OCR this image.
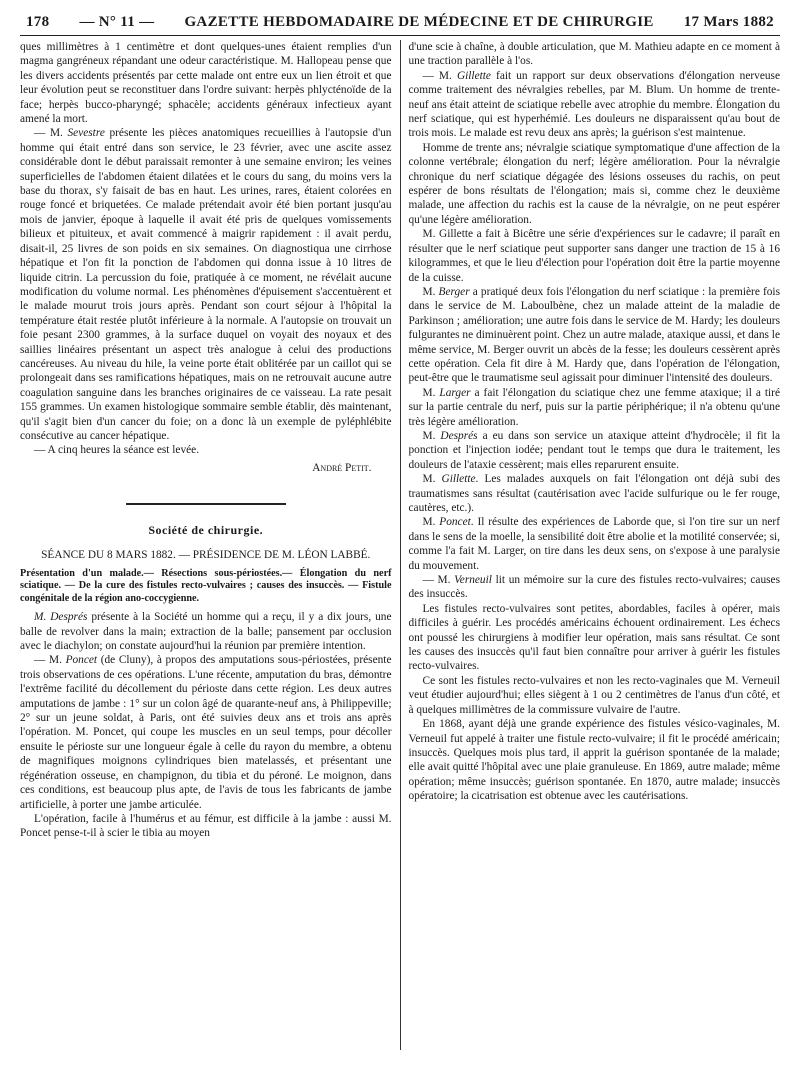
178 — N° 11 — GAZETTE HEBDOMADAIRE DE MÉDECINE ET DE CHIRURGIE 17 Mars 1882

ques millimètres à 1 centimètre et dont quelques-unes étaient remplies d'un magma gangréneux répandant une odeur caractéristique. M. Hallopeau pense que les divers accidents présentés par cette malade ont entre eux un lien étroit et que leur évolution peut se reconstituer dans l'ordre suivant: herpès phlycténoïde de la face; herpès bucco-pharyngé; sphacèle; accidents généraux infectieux ayant amené la mort.

— M. Sevestre présente les pièces anatomiques recueillies à l'autopsie d'un homme qui était entré dans son service, le 23 février, avec une ascite assez considérable dont le début paraissait remonter à une semaine environ; les veines superficielles de l'abdomen étaient dilatées et le cours du sang, du moins vers la base du thorax, s'y faisait de bas en haut. Les urines, rares, étaient colorées en rouge foncé et briquetées. Ce malade prétendait avoir été bien portant jusqu'au mois de janvier, époque à laquelle il avait été pris de quelques vomissements bilieux et pituiteux, et avait commencé à maigrir rapidement : il avait perdu, disait-il, 25 livres de son poids en six semaines. On diagnostiqua une cirrhose hépatique et l'on fit la ponction de l'abdomen qui donna issue à 10 litres de liquide citrin. La percussion du foie, pratiquée à ce moment, ne révélait aucune modification du volume normal. Les phénomènes d'épuisement s'accentuèrent et le malade mourut trois jours après. Pendant son court séjour à l'hôpital la température était restée plutôt inférieure à la normale. A l'autopsie on trouvait un foie pesant 2300 grammes, à la surface duquel on voyait des noyaux et des saillies linéaires présentant un aspect très analogue à celui des productions cancéreuses. Au niveau du hile, la veine porte était oblitérée par un caillot qui se prolongeait dans ses ramifications hépatiques, mais on ne retrouvait aucune autre coagulation sanguine dans les branches originaires de ce vaisseau. La rate pesait 155 grammes. Un examen histologique sommaire semble établir, dès maintenant, qu'il s'agit bien d'un cancer du foie; on a donc là un exemple de pyléphlébite consécutive au cancer hépatique.

— A cinq heures la séance est levée.

André Petit.
Société de chirurgie.
SÉANCE DU 8 MARS 1882. — PRÉSIDENCE DE M. LÉON LABBÉ.

Présentation d'un malade.— Résections sous-périostées.— Élongation du nerf sciatique. — De la cure des fistules recto-vulvaires ; causes des insuccès. — Fistule congénitale de la région ano-coccygienne.

M. Després présente à la Société un homme qui a reçu, il y a dix jours, une balle de revolver dans la main; extraction de la balle; pansement par occlusion avec le diachylon; on constate aujourd'hui la réunion par première intention.

— M. Poncet (de Cluny), à propos des amputations sous-périostées, présente trois observations de ces opérations. L'une récente, amputation du bras, démontre l'extrême facilité du décollement du périoste dans cette région. Les deux autres amputations de jambe : 1° sur un colon âgé de quarante-neuf ans, à Philippeville; 2° sur un jeune soldat, à Paris, ont été suivies deux ans et trois ans après l'opération. M. Poncet, qui coupe les muscles en un seul temps, pour décoller ensuite le périoste sur une longueur égale à celle du rayon du membre, a obtenu de magnifiques moignons cylindriques bien matelassés, et présentant une régénération osseuse, en champignon, du tibia et du péroné. Le moignon, dans ces conditions, est beaucoup plus apte, de l'avis de tous les fabricants de jambe artificielle, à porter une jambe articulée.

L'opération, facile à l'humérus et au fémur, est difficile à la jambe : aussi M. Poncet pense-t-il à scier le tibia au moyen

d'une scie à chaîne, à double articulation, que M. Mathieu adapte en ce moment à une traction parallèle à l'os.

— M. Gillette fait un rapport sur deux observations d'élongation nerveuse comme traitement des névralgies rebelles, par M. Blum. Un homme de trente-neuf ans était atteint de sciatique rebelle avec atrophie du membre. Élongation du nerf sciatique, qui est hyperhémié. Les douleurs ne disparaissent qu'au bout de trois mois. Le malade est revu deux ans après; la guérison s'est maintenue.

Homme de trente ans; névralgie sciatique symptomatique d'une affection de la colonne vertébrale; élongation du nerf; légère amélioration. Pour la névralgie chronique du nerf sciatique dégagée des lésions osseuses du rachis, on peut espérer de bons résultats de l'élongation; mais si, comme chez le deuxième malade, une affection du rachis est la cause de la névralgie, on ne peut espérer qu'une légère amélioration.

M. Gillette a fait à Bicêtre une série d'expériences sur le cadavre; il paraît en résulter que le nerf sciatique peut supporter sans danger une traction de 15 à 16 kilogrammes, et que le lieu d'élection pour l'opération doit être la partie moyenne de la cuisse.

M. Berger a pratiqué deux fois l'élongation du nerf sciatique : la première fois dans le service de M. Laboulbène, chez un malade atteint de la maladie de Parkinson ; amélioration; une autre fois dans le service de M. Hardy; les douleurs fulgurantes ne diminuèrent point. Chez un autre malade, ataxique aussi, et dans le même service, M. Berger ouvrit un abcès de la fesse; les douleurs cessèrent après cette opération. Cela fit dire à M. Hardy que, dans l'opération de l'élongation, peut-être que le traumatisme seul agissait pour diminuer l'intensité des douleurs.

M. Larger a fait l'élongation du sciatique chez une femme ataxique; il a tiré sur la partie centrale du nerf, puis sur la partie périphérique; il n'a obtenu qu'une très légère amélioration.

M. Després a eu dans son service un ataxique atteint d'hydrocèle; il fit la ponction et l'injection iodée; pendant tout le temps que dura le traitement, les douleurs de l'ataxie cessèrent; mais elles reparurent ensuite.

M. Gillette. Les malades auxquels on fait l'élongation ont déjà subi des traumatismes sans résultat (cautérisation avec l'acide sulfurique ou le fer rouge, cautères, etc.).

M. Poncet. Il résulte des expériences de Laborde que, si l'on tire sur un nerf dans le sens de la moelle, la sensibilité doit être abolie et la motilité conservée; si, comme l'a fait M. Larger, on tire dans les deux sens, on s'expose à une paralysie du mouvement.

— M. Verneuil lit un mémoire sur la cure des fistules recto-vulvaires; causes des insuccès.

Les fistules recto-vulvaires sont petites, abordables, faciles à opérer, mais difficiles à guérir. Les procédés américains échouent ordinairement. Les échecs ont poussé les chirurgiens à modifier leur opération, mais sans résultat. Ce sont les causes des insuccès qu'il faut bien connaître pour arriver à guérir les fistules recto-vulvaires.

Ce sont les fistules recto-vulvaires et non les recto-vaginales que M. Verneuil veut étudier aujourd'hui; elles siègent à 1 ou 2 centimètres de l'anus d'un côté, et à quelques millimètres de la commissure vulvaire de l'autre.

En 1868, ayant déjà une grande expérience des fistules vésico-vaginales, M. Verneuil fut appelé à traiter une fistule recto-vulvaire; il fit le procédé américain; insuccès. Quelques mois plus tard, il apprit la guérison spontanée de la malade; elle avait quitté l'hôpital avec une plaie granuleuse. En 1869, autre malade; même opération; même insuccès; guérison spontanée. En 1870, autre malade; insuccès opératoire; la cicatrisation est obtenue avec les cautérisations.
